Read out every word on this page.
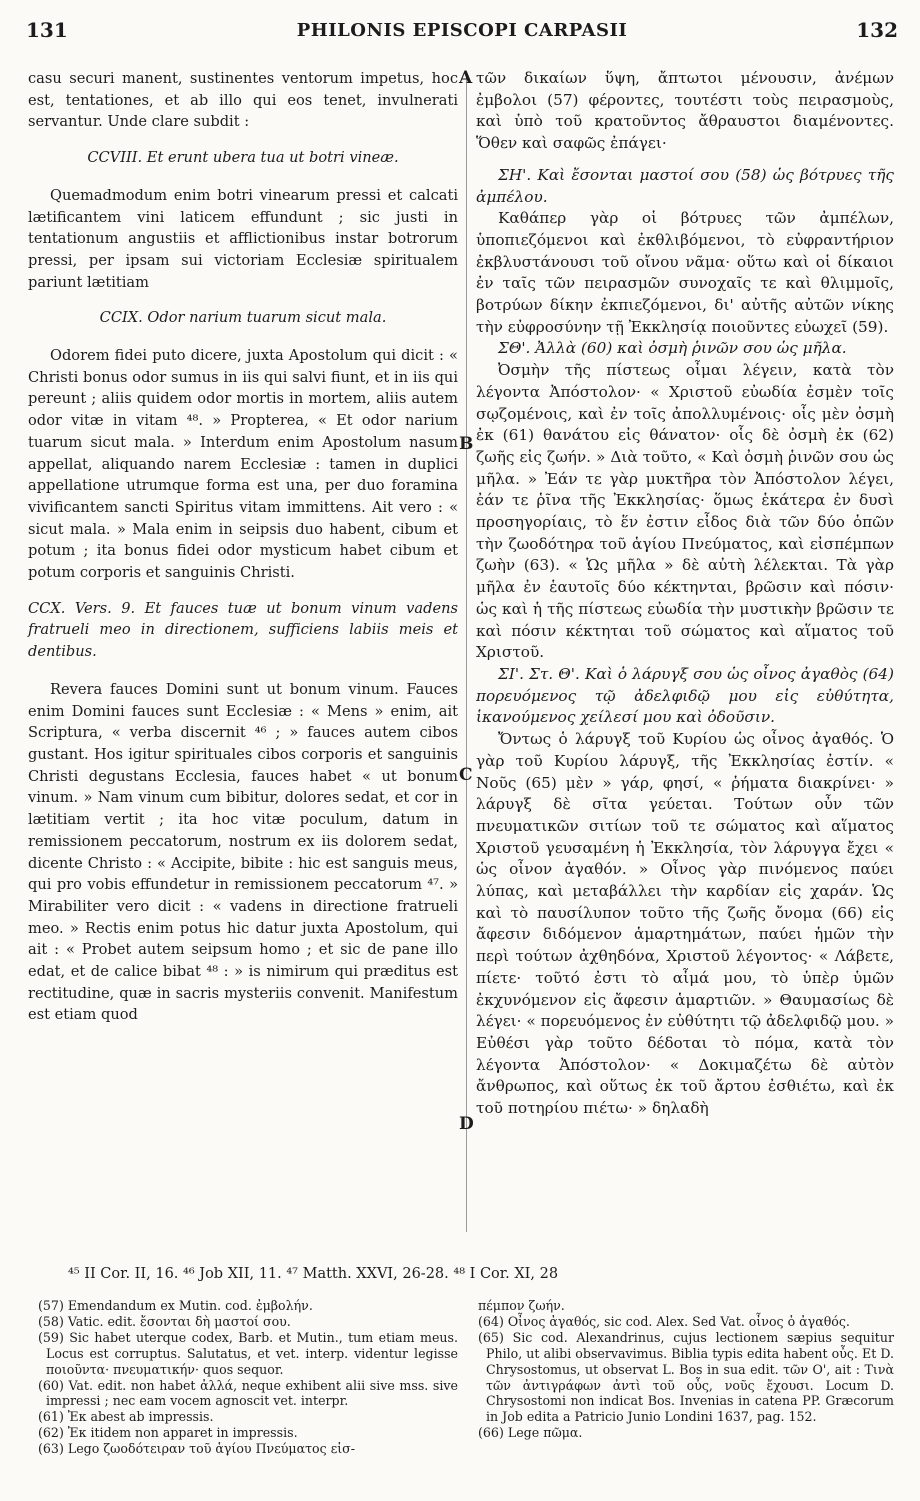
131	PHILONIS EPISCOPI CARPASII	132
A
B
C
D

casu securi manent, sustinentes ventorum impetus, hoc est, tentationes, et ab illo qui eos tenet, invulnerati servantur. Unde clare subdit :

CCVIII. Et erunt ubera tua ut botri vineæ.

Quemadmodum enim botri vinearum pressi et calcati lætificantem vini laticem effundunt ; sic justi in tentationum angustiis et afflictionibus instar botrorum pressi, per ipsam sui victoriam Ecclesiæ spiritualem pariunt lætitiam

CCIX. Odor narium tuarum sicut mala.

Odorem fidei puto dicere, juxta Apostolum qui dicit : « Christi bonus odor sumus in iis qui salvi fiunt, et in iis qui pereunt ; aliis quidem odor mortis in mortem, aliis autem odor vitæ in vitam ⁴⁸. » Propterea, « Et odor narium tuarum sicut mala. » Interdum enim Apostolum nasum appellat, aliquando narem Ecclesiæ : tamen in duplici appellatione utrumque forma est una, per duo foramina vivificantem sancti Spiritus vitam immittens. Ait vero : « sicut mala. » Mala enim in seipsis duo habent, cibum et potum ; ita bonus fidei odor mysticum habet cibum et potum corporis et sanguinis Christi.

CCX. Vers. 9. Et fauces tuæ ut bonum vinum vadens fratrueli meo in directionem, sufficiens labiis meis et dentibus.

Revera fauces Domini sunt ut bonum vinum. Fauces enim Domini fauces sunt Ecclesiæ : « Mens » enim, ait Scriptura, « verba discernit ⁴⁶ ; » fauces autem cibos gustant. Hos igitur spirituales cibos corporis et sanguinis Christi degustans Ecclesia, fauces habet « ut bonum vinum. » Nam vinum cum bibitur, dolores sedat, et cor in lætitiam vertit ; ita hoc vitæ poculum, datum in remissionem peccatorum, nostrum ex iis dolorem sedat, dicente Christo : « Accipite, bibite : hic est sanguis meus, qui pro vobis effundetur in remissionem peccatorum ⁴⁷. » Mirabiliter vero dicit : « vadens in directione fratrueli meo. » Rectis enim potus hic datur juxta Apostolum, qui ait : « Probet autem seipsum homo ; et sic de pane illo edat, et de calice bibat ⁴⁸ : » is nimirum qui præditus est rectitudine, quæ in sacris mysteriis convenit. Manifestum est etiam quod

τῶν δικαίων ὕψη, ἄπτωτοι μένουσιν, ἀνέμων ἐμβολοι (57) φέροντες, τουτέστι τοὺς πειρασμοὺς, καὶ ὑπὸ τοῦ κρατοῦντος ἄθραυστοι διαμένοντες. Ὅθεν καὶ σαφῶς ἐπάγει·

ΣΗ'. Καὶ ἔσονται μαστοί σου (58) ὡς βότρυες τῆς ἀμπέλου.

Καθάπερ γὰρ οἱ βότρυες τῶν ἀμπέλων, ὑποπιεζόμενοι καὶ ἐκθλιβόμενοι, τὸ εὐφραντήριον ἐκβλυστάνουσι τοῦ οἴνου νᾶμα· οὕτω καὶ οἱ δίκαιοι ἐν ταῖς τῶν πειρασμῶν συνοχαῖς τε καὶ θλιμμοῖς, βοτρύων δίκην ἐκπιεζόμενοι, δι' αὐτῆς αὐτῶν νίκης τὴν εὐφροσύνην τῇ Ἐκκλησίᾳ ποιοῦντες εὐωχεῖ (59).

ΣΘ'. Ἀλλὰ (60) καὶ ὀσμὴ ῥινῶν σου ὡς μῆλα.

Ὀσμὴν τῆς πίστεως οἶμαι λέγειν, κατὰ τὸν λέγοντα Ἀπόστολον· « Χριστοῦ εὐωδία ἐσμὲν τοῖς σῳζομένοις, καὶ ἐν τοῖς ἀπολλυμένοις· οἷς μὲν ὀσμὴ ἐκ (61) θανάτου εἰς θάνατον· οἷς δὲ ὀσμὴ ἐκ (62) ζωῆς εἰς ζωήν. » Διὰ τοῦτο, « Καὶ ὀσμὴ ῥινῶν σου ὡς μῆλα. » Ἐάν τε γὰρ μυκτῆρα τὸν Ἀπόστολον λέγει, ἐάν τε ῥῖνα τῆς Ἐκκλησίας· ὅμως ἑκάτερα ἐν δυσὶ προσηγορίαις, τὸ ἕν ἐστιν εἶδος διὰ τῶν δύο ὀπῶν τὴν ζωοδότηρα τοῦ ἁγίου Πνεύματος, καὶ εἰσπέμπων ζωὴν (63). « Ὡς μῆλα » δὲ αὐτὴ λέλεκται. Τὰ γὰρ μῆλα ἐν ἑαυτοῖς δύο κέκτηνται, βρῶσιν καὶ πόσιν· ὡς καὶ ἡ τῆς πίστεως εὐωδία τὴν μυστικὴν βρῶσιν τε καὶ πόσιν κέκτηται τοῦ σώματος καὶ αἵματος τοῦ Χριστοῦ.

ΣΙ'. Στ. Θ'. Καὶ ὁ λάρυγξ σου ὡς οἶνος ἀγαθὸς (64) πορευόμενος τῷ ἀδελφιδῷ μου εἰς εὐθύτητα, ἱκανούμενος χείλεσί μου καὶ ὀδοῦσιν.

Ὄντως ὁ λάρυγξ τοῦ Κυρίου ὡς οἶνος ἀγαθός. Ὁ γὰρ τοῦ Κυρίου λάρυγξ, τῆς Ἐκκλησίας ἐστίν. « Νοῦς (65) μὲν » γάρ, φησί, « ῥήματα διακρίνει· » λάρυγξ δὲ σῖτα γεύεται. Τούτων οὖν τῶν πνευματικῶν σιτίων τοῦ τε σώματος καὶ αἵματος Χριστοῦ γευσαμένη ἡ Ἐκκλησία, τὸν λάρυγγα ἔχει « ὡς οἶνον ἀγαθόν. » Οἶνος γὰρ πινόμενος παύει λύπας, καὶ μεταβάλλει τὴν καρδίαν εἰς χαράν. Ὡς καὶ τὸ παυσίλυπον τοῦτο τῆς ζωῆς ὄνομα (66) εἰς ἄφεσιν διδόμενον ἁμαρτημάτων, παύει ἡμῶν τὴν περὶ τούτων ἀχθηδόνα, Χριστοῦ λέγοντος· « Λάβετε, πίετε· τοῦτό ἐστι τὸ αἷμά μου, τὸ ὑπὲρ ὑμῶν ἐκχυνόμενον εἰς ἄφεσιν ἁμαρτιῶν. » Θαυμασίως δὲ λέγει· « πορευόμενος ἐν εὐθύτητι τῷ ἀδελφιδῷ μου. » Εὐθέσι γὰρ τοῦτο δέδοται τὸ πόμα, κατὰ τὸν λέγοντα Ἀπόστολον· « Δοκιμαζέτω δὲ αὐτὸν ἄνθρωπος, καὶ οὕτως ἐκ τοῦ ἄρτου ἐσθιέτω, καὶ ἐκ τοῦ ποτηρίου πιέτω· » δηλαδὴ

⁴⁵ II Cor. II, 16. ⁴⁶ Job XII, 11. ⁴⁷ Matth. XXVI, 26-28. ⁴⁸ I Cor. XI, 28
(57) Emendandum ex Mutin. cod. ἐμβολήν.
(58) Vatic. edit. ἔσονται δὴ μαστοί σου.
(59) Sic habet uterque codex, Barb. et Mutin., tum etiam meus. Locus est corruptus. Salutatus, et vet. interp. videntur legisse ποιοῦντα· πνευματικήν· quos sequor.
(60) Vat. edit. non habet ἀλλά, neque exhibent alii sive mss. sive impressi ; nec eam vocem agnoscit vet. interpr.
(61) Ἐκ abest ab impressis.
(62) Ἐκ itidem non apparet in impressis.
(63) Lego ζωοδότειραν τοῦ ἁγίου Πνεύματος εἰσ-
πέμπον ζωήν.
(64) Οἶνος ἀγαθός, sic cod. Alex. Sed Vat. οἶνος ὁ ἀγαθός.
(65) Sic cod. Alexandrinus, cujus lectionem sæpius sequitur Philo, ut alibi observavimus. Biblia typis edita habent οὖς. Et D. Chrysostomus, ut observat L. Bos in sua edit. τῶν Ο', ait : Τινὰ τῶν ἀντιγράφων ἀντὶ τοῦ οὖς, νοῦς ἔχουσι. Locum D. Chrysostomi non indicat Bos. Invenias in catena PP. Græcorum in Job edita a Patricio Junio Londini 1637, pag. 152.
(66) Lege πῶμα.
